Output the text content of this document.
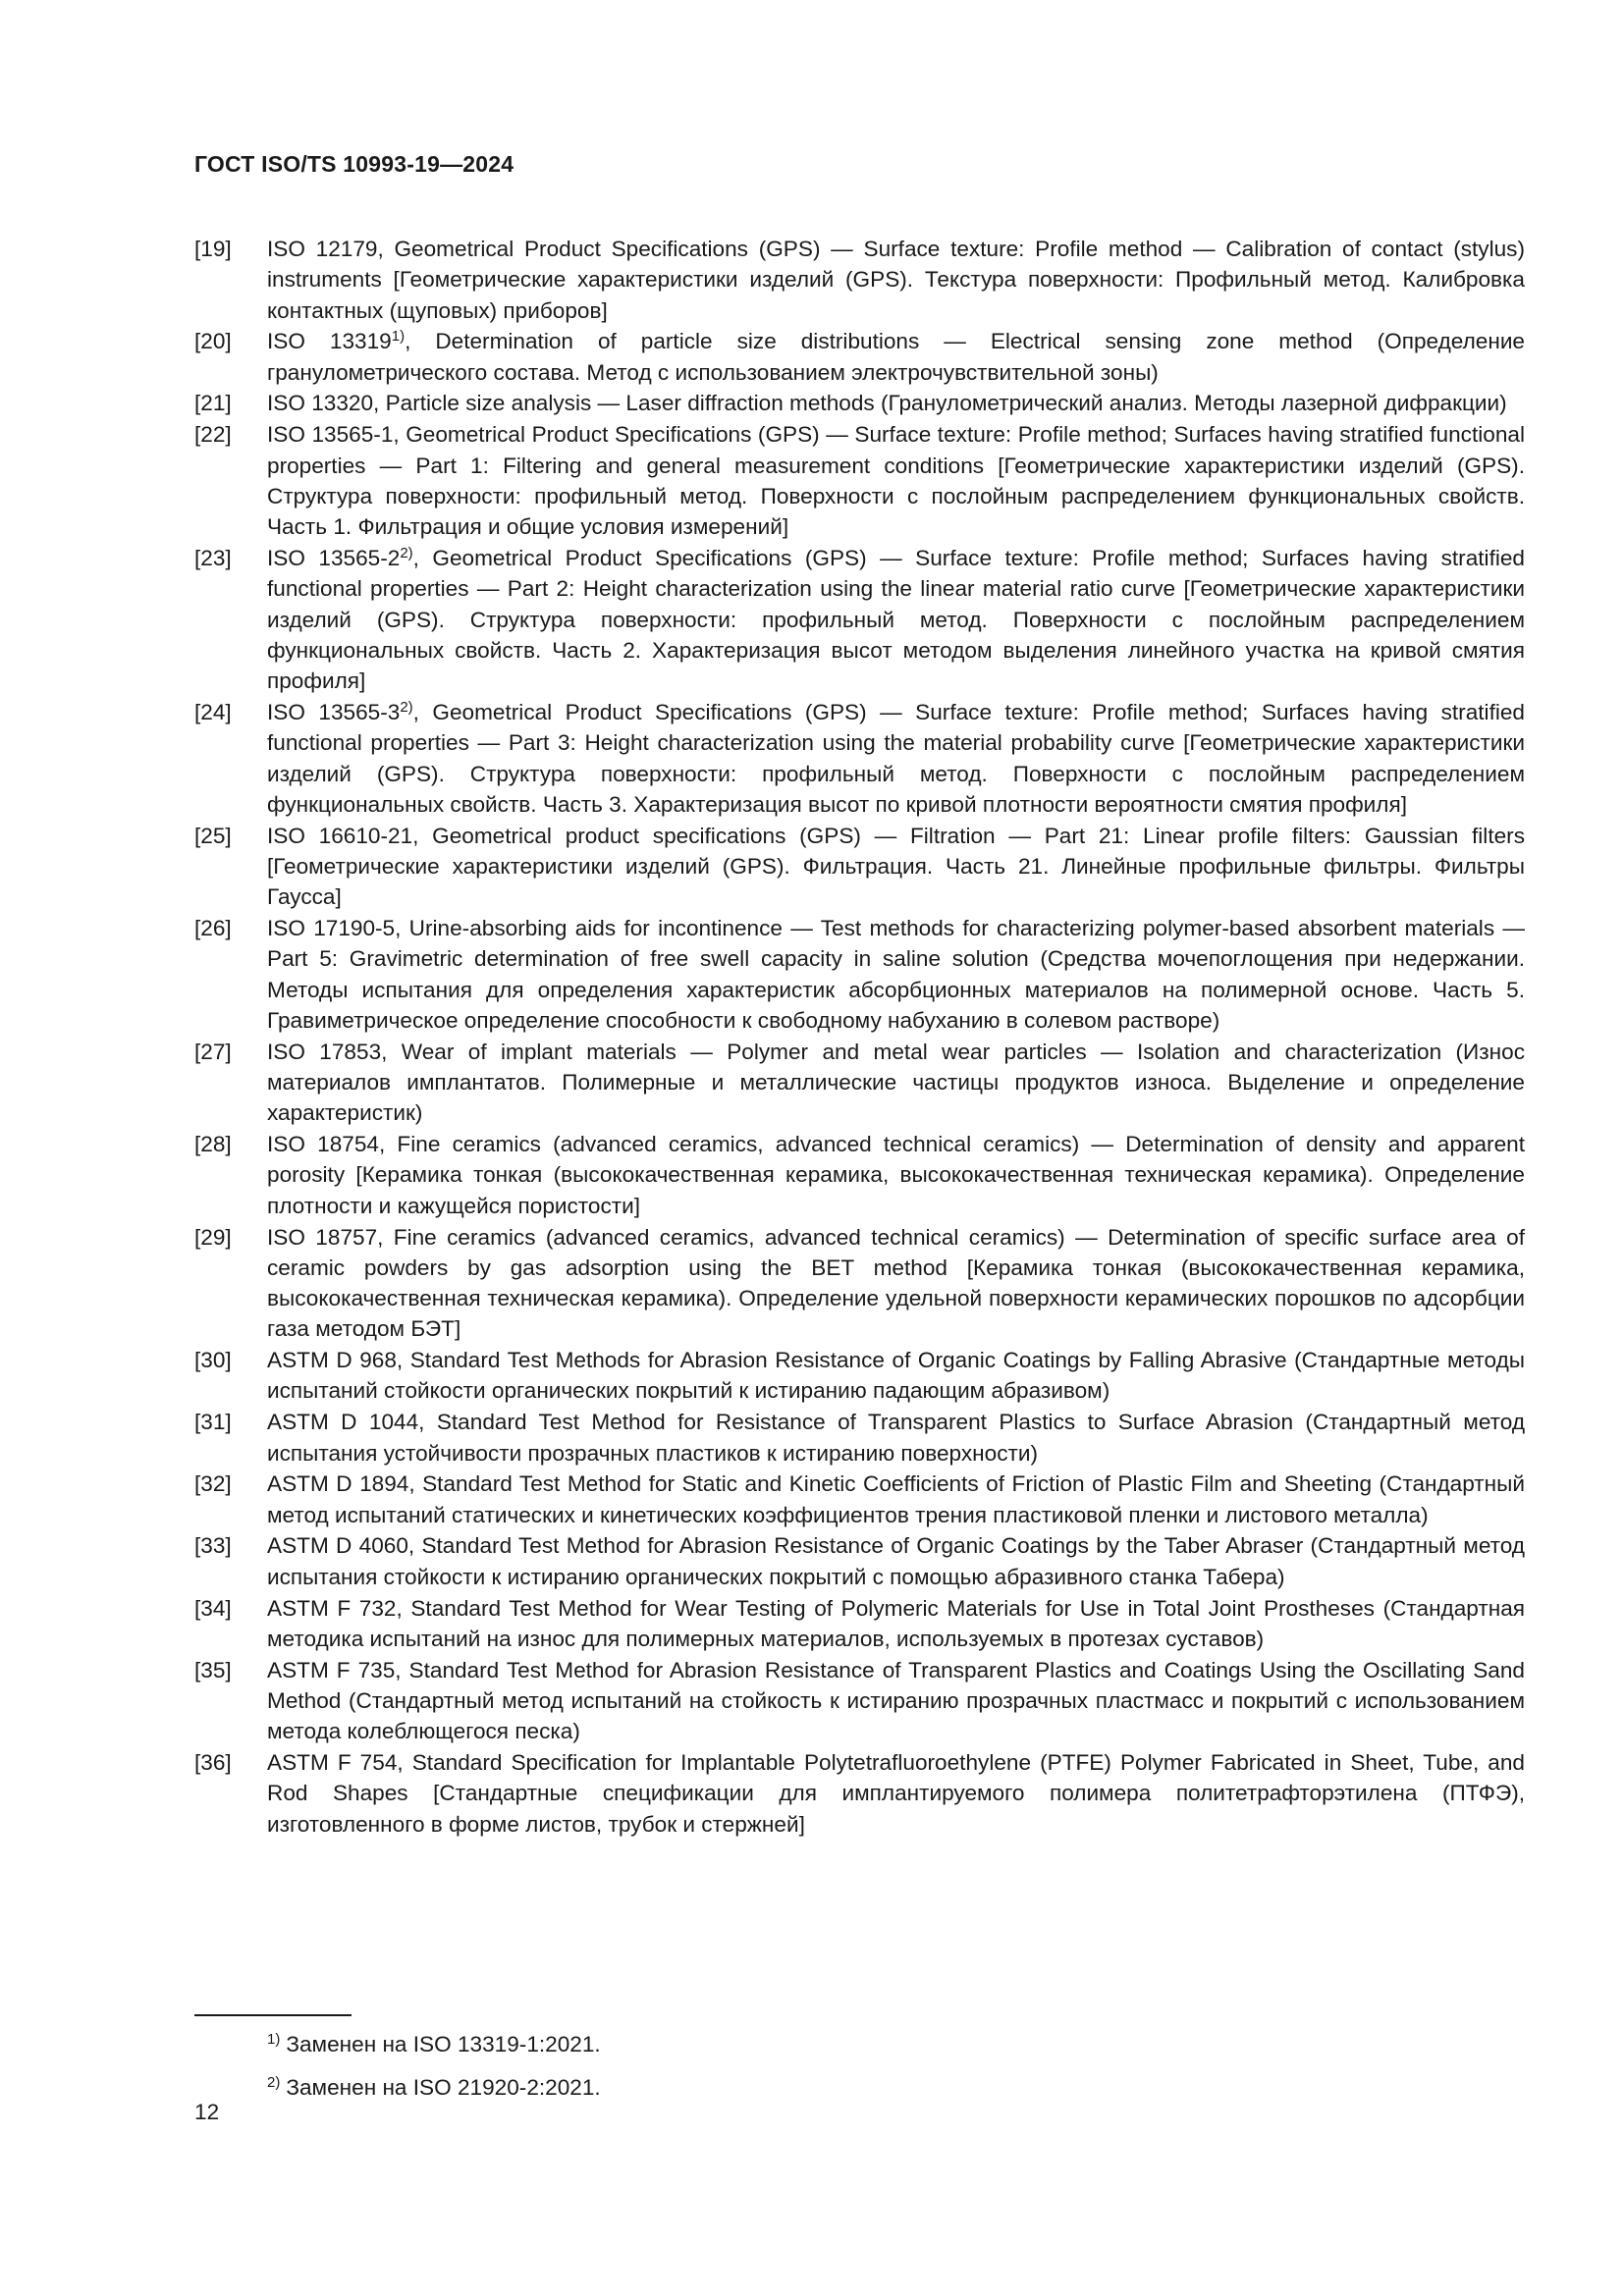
ГОСТ ISO/TS 10993-19—2024
[19]	ISO 12179, Geometrical Product Specifications (GPS) — Surface texture: Profile method — Calibration of contact (stylus) instruments [Геометрические характеристики изделий (GPS). Текстура поверхности: Профильный метод. Калибровка контактных (щуповых) приборов]
[20]	ISO 13319$^{1)}$, Determination of particle size distributions — Electrical sensing zone method (Определение гранулометрического состава. Метод с использованием электрочувствительной зоны)
[21]	ISO 13320, Particle size analysis — Laser diffraction methods (Гранулометрический анализ. Методы лазерной дифракции)
[22]	ISO 13565-1, Geometrical Product Specifications (GPS) — Surface texture: Profile method; Surfaces having stratified functional properties — Part 1: Filtering and general measurement conditions [Геометрические характеристики изделий (GPS). Структура поверхности: профильный метод. Поверхности с послойным распределением функциональных свойств. Часть 1. Фильтрация и общие условия измерений]
[23]	ISO 13565-2$^{2)}$, Geometrical Product Specifications (GPS) — Surface texture: Profile method; Surfaces having stratified functional properties — Part 2: Height characterization using the linear material ratio curve [Геометрические характеристики изделий (GPS). Структура поверхности: профильный метод. Поверхности с послойным распределением функциональных свойств. Часть 2. Характеризация высот методом выделения линейного участка на кривой смятия профиля]
[24]	ISO 13565-3$^{2)}$, Geometrical Product Specifications (GPS) — Surface texture: Profile method; Surfaces having stratified functional properties — Part 3: Height characterization using the material probability curve [Геометрические характеристики изделий (GPS). Структура поверхности: профильный метод. Поверхности с послойным распределением функциональных свойств. Часть 3. Характеризация высот по кривой плотности вероятности смятия профиля]
[25]	ISO 16610-21, Geometrical product specifications (GPS) — Filtration — Part 21: Linear profile filters: Gaussian filters [Геометрические характеристики изделий (GPS). Фильтрация. Часть 21. Линейные профильные фильтры. Фильтры Гаусса]
[26]	ISO 17190-5, Urine-absorbing aids for incontinence — Test methods for characterizing polymer-based absorbent materials — Part 5: Gravimetric determination of free swell capacity in saline solution (Средства мочепоглощения при недержании. Методы испытания для определения характеристик абсорбционных материалов на полимерной основе. Часть 5. Гравиметрическое определение способности к свободному набуханию в солевом растворе)
[27]	ISO 17853, Wear of implant materials — Polymer and metal wear particles — Isolation and characterization (Износ материалов имплантатов. Полимерные и металлические частицы продуктов износа. Выделение и определение характеристик)
[28]	ISO 18754, Fine ceramics (advanced ceramics, advanced technical ceramics) — Determination of density and apparent porosity [Керамика тонкая (высококачественная керамика, высококачественная техническая керамика). Определение плотности и кажущейся пористости]
[29]	ISO 18757, Fine ceramics (advanced ceramics, advanced technical ceramics) — Determination of specific surface area of ceramic powders by gas adsorption using the BET method [Керамика тонкая (высококачественная керамика, высококачественная техническая керамика). Определение удельной поверхности керамических порошков по адсорбции газа методом БЭТ]
[30]	ASTM D 968, Standard Test Methods for Abrasion Resistance of Organic Coatings by Falling Abrasive (Стандартные методы испытаний стойкости органических покрытий к истиранию падающим абразивом)
[31]	ASTM D 1044, Standard Test Method for Resistance of Transparent Plastics to Surface Abrasion (Стандартный метод испытания устойчивости прозрачных пластиков к истиранию поверхности)
[32]	ASTM D 1894, Standard Test Method for Static and Kinetic Coefficients of Friction of Plastic Film and Sheeting (Стандартный метод испытаний статических и кинетических коэффициентов трения пластиковой пленки и листового металла)
[33]	ASTM D 4060, Standard Test Method for Abrasion Resistance of Organic Coatings by the Taber Abraser (Стандартный метод испытания стойкости к истиранию органических покрытий с помощью абразивного станка Табера)
[34]	ASTM F 732, Standard Test Method for Wear Testing of Polymeric Materials for Use in Total Joint Prostheses (Стандартная методика испытаний на износ для полимерных материалов, используемых в протезах суставов)
[35]	ASTM F 735, Standard Test Method for Abrasion Resistance of Transparent Plastics and Coatings Using the Oscillating Sand Method (Стандартный метод испытаний на стойкость к истиранию прозрачных пластмасс и покрытий с использованием метода колеблющегося песка)
[36]	ASTM F 754, Standard Specification for Implantable Polytetrafluoroethylene (PTFE) Polymer Fabricated in Sheet, Tube, and Rod Shapes [Стандартные спецификации для имплантируемого полимера политетрафторэтилена (ПТФЭ), изготовленного в форме листов, трубок и стержней]
$^{1)}$ Заменен на ISO 13319-1:2021.
$^{2)}$ Заменен на ISO 21920-2:2021.
12
